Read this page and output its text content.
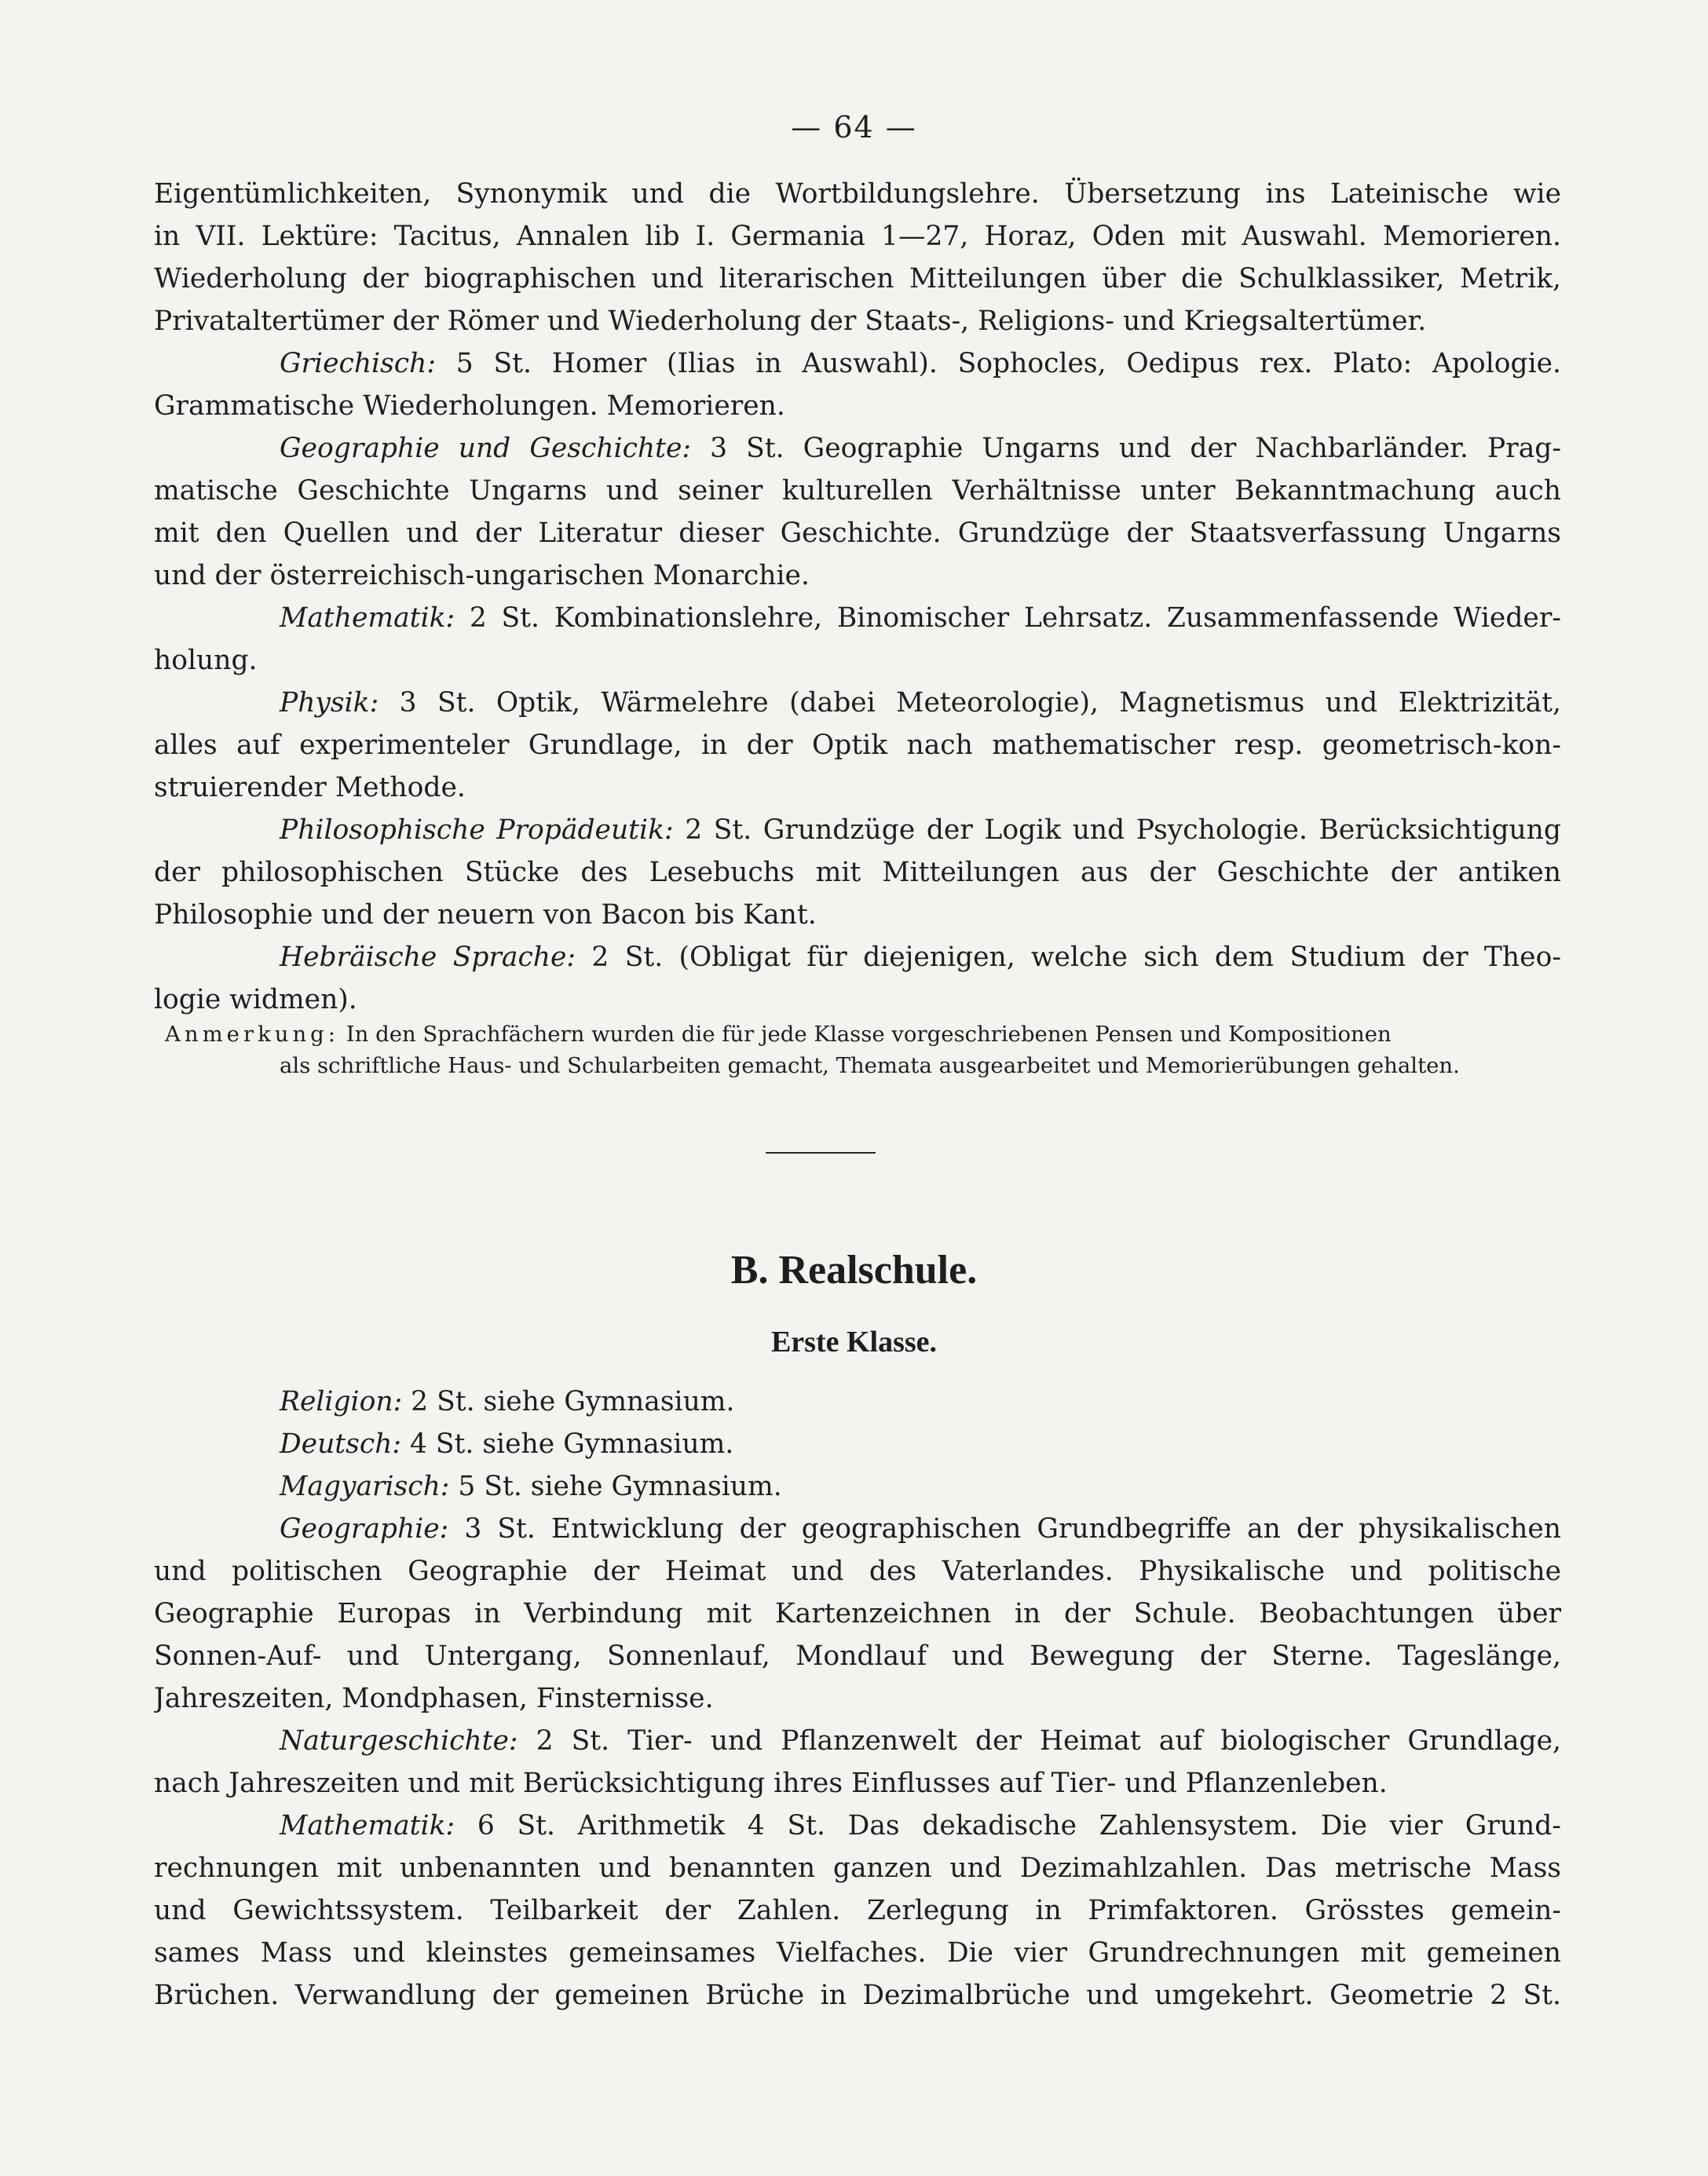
— 64 —
Eigentümlichkeiten, Synonymik und die Wortbildungslehre. Übersetzung ins Lateinische wie
in VII. Lektüre: Tacitus, Annalen lib I. Germania 1—27, Horaz, Oden mit Auswahl. Memorieren.
Wiederholung der biographischen und literarischen Mitteilungen über die Schulklassiker, Metrik,
Privataltertümer der Römer und Wiederholung der Staats-, Religions- und Kriegsaltertümer.
Griechisch: 5 St. Homer (Ilias in Auswahl). Sophocles, Oedipus rex. Plato: Apologie.
Grammatische Wiederholungen. Memorieren.
Geographie und Geschichte: 3 St. Geographie Ungarns und der Nachbarländer. Prag-
matische Geschichte Ungarns und seiner kulturellen Verhältnisse unter Bekanntmachung auch
mit den Quellen und der Literatur dieser Geschichte. Grundzüge der Staatsverfassung Ungarns
und der österreichisch-ungarischen Monarchie.
Mathematik: 2 St. Kombinationslehre, Binomischer Lehrsatz. Zusammenfassende Wieder-
holung.
Physik: 3 St. Optik, Wärmelehre (dabei Meteorologie), Magnetismus und Elektrizität,
alles auf experimenteler Grundlage, in der Optik nach mathematischer resp. geometrisch-kon-
struierender Methode.
Philosophische Propädeutik: 2 St. Grundzüge der Logik und Psychologie. Berücksichtigung
der philosophischen Stücke des Lesebuchs mit Mitteilungen aus der Geschichte der antiken
Philosophie und der neuern von Bacon bis Kant.
Hebräische Sprache: 2 St. (Obligat für diejenigen, welche sich dem Studium der Theo-
logie widmen).
Anmerkung: In den Sprachfächern wurden die für jede Klasse vorgeschriebenen Pensen und Kompositionen
als schriftliche Haus- und Schularbeiten gemacht, Themata ausgearbeitet und Memorierübungen gehalten.
B. Realschule.
Erste Klasse.
Religion: 2 St. siehe Gymnasium.
Deutsch: 4 St. siehe Gymnasium.
Magyarisch: 5 St. siehe Gymnasium.
Geographie: 3 St. Entwicklung der geographischen Grundbegriffe an der physikalischen
und politischen Geographie der Heimat und des Vaterlandes. Physikalische und politische
Geographie Europas in Verbindung mit Kartenzeichnen in der Schule. Beobachtungen über
Sonnen-Auf- und Untergang, Sonnenlauf, Mondlauf und Bewegung der Sterne. Tageslänge,
Jahreszeiten, Mondphasen, Finsternisse.
Naturgeschichte: 2 St. Tier- und Pflanzenwelt der Heimat auf biologischer Grundlage,
nach Jahreszeiten und mit Berücksichtigung ihres Einflusses auf Tier- und Pflanzenleben.
Mathematik: 6 St. Arithmetik 4 St. Das dekadische Zahlensystem. Die vier Grund-
rechnungen mit unbenannten und benannten ganzen und Dezimahlzahlen. Das metrische Mass
und Gewichtssystem. Teilbarkeit der Zahlen. Zerlegung in Primfaktoren. Grösstes gemein-
sames Mass und kleinstes gemeinsames Vielfaches. Die vier Grundrechnungen mit gemeinen
Brüchen. Verwandlung der gemeinen Brüche in Dezimalbrüche und umgekehrt. Geometrie 2 St.
